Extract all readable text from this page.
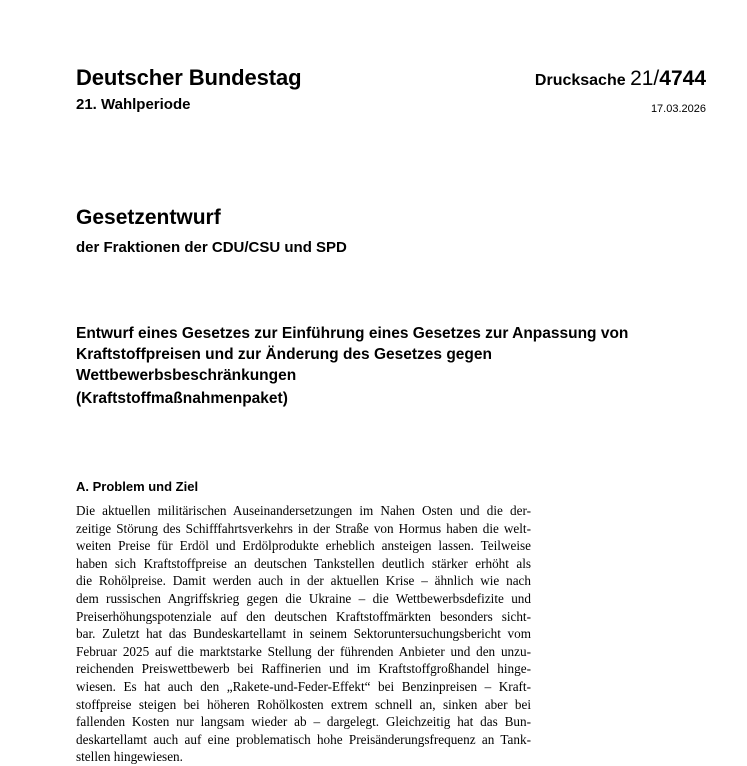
Deutscher Bundestag
21. Wahlperiode
Drucksache 21/4744
17.03.2026
Gesetzentwurf
der Fraktionen der CDU/CSU und SPD
Entwurf eines Gesetzes zur Einführung eines Gesetzes zur Anpassung von
Kraftstoffpreisen und zur Änderung des Gesetzes gegen
Wettbewerbsbeschränkungen
(Kraftstoffmaßnahmenpaket)
A. Problem und Ziel
Die aktuellen militärischen Auseinandersetzungen im Nahen Osten und die der-
zeitige Störung des Schifffahrtsverkehrs in der Straße von Hormus haben die welt-
weiten Preise für Erdöl und Erdölprodukte erheblich ansteigen lassen. Teilweise
haben sich Kraftstoffpreise an deutschen Tankstellen deutlich stärker erhöht als
die Rohölpreise. Damit werden auch in der aktuellen Krise – ähnlich wie nach
dem russischen Angriffskrieg gegen die Ukraine – die Wettbewerbsdefizite und
Preiserhöhungspotenziale auf den deutschen Kraftstoffmärkten besonders sicht-
bar. Zuletzt hat das Bundeskartellamt in seinem Sektoruntersuchungsbericht vom
Februar 2025 auf die marktstarke Stellung der führenden Anbieter und den unzu-
reichenden Preiswettbewerb bei Raffinerien und im Kraftstoffgroßhandel hinge-
wiesen. Es hat auch den „Rakete-und-Feder-Effekt“ bei Benzinpreisen – Kraft-
stoffpreise steigen bei höheren Rohölkosten extrem schnell an, sinken aber bei
fallenden Kosten nur langsam wieder ab – dargelegt. Gleichzeitig hat das Bun-
deskartellamt auch auf eine problematisch hohe Preisänderungsfrequenz an Tank-
stellen hingewiesen.
